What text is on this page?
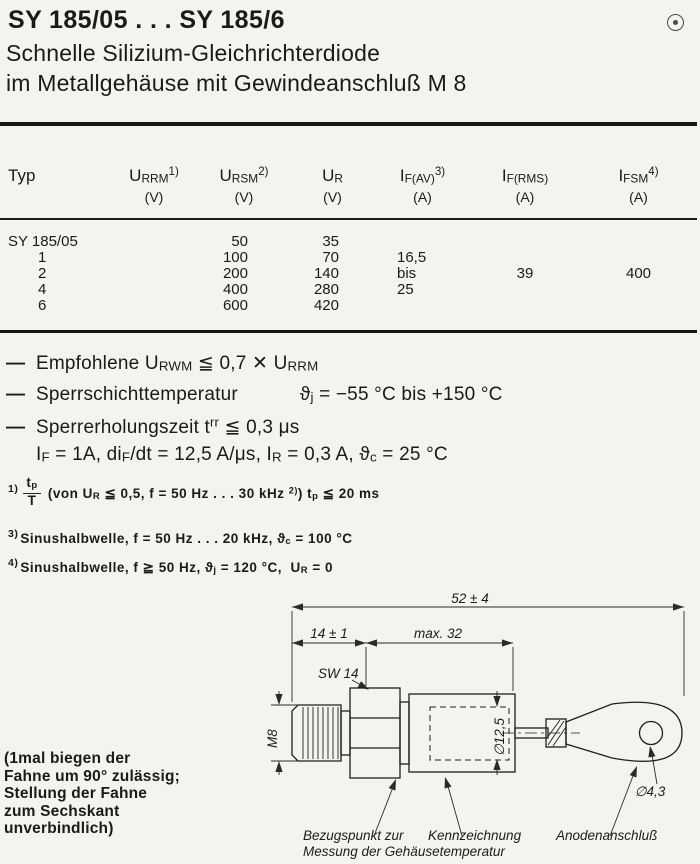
SY 185/05 . . . SY 185/6
Schnelle Silizium-Gleichrichterdiode
im Metallgehäuse mit Gewindeanschluß M 8
Typ	$U_{RRM}^{1)}$	$U_{RSM}^{2)}$	$U_R$	$I_{F(AV)}^{3)}$	$I_{F(RMS)}$	$I_{FSM}^{4)}$
	(V)	(V)	(V)	(A)	(A)	(A)
SY 185/05		50	35			
1		100	70	16,5		
2		200	140	bis	39	400
4		400	280	25		
6		600	420			
— Empfohlene $U_{RWM}$ ≦ 0,7 ✕ $U_{RRM}$
— Sperrschichttemperatur	$ϑ_j = -55$ °C bis +150 °C
— Sperrerholungszeit $t^{rr}$ ≦ 0,3 μs
$I_F = 1A$, $di_F/dt = 12,5$ A/μs, $I_R = 0,3$ A, $ϑ_c = 25$ °C
$^{1)} \frac{t_p}{T} (von$ $U_R$ ≦ 0,5, f = 50 Hz . . . 30 kHz $^{2)}$) $t_p$ ≦ 20 ms
$^{3)}$ Sinushalbwelle, f = 50 Hz . . . 20 kHz, $ϑ_c = 100$ °C
$^{4)}$ Sinushalbwelle, f ≧ 50 Hz, $ϑ_j = 120$ °C,  $U_R = 0$
52 ± 4
14 ± 1	max. 32
SW 14
M8	∅12,5
∅4,3
Bezugspunkt zur
Messung der Gehäusetemperatur
Kennzeichnung	Anodenanschluß
(1mal biegen der
Fahne um 90° zulässig;
Stellung der Fahne
zum Sechskant
unverbindlich)
